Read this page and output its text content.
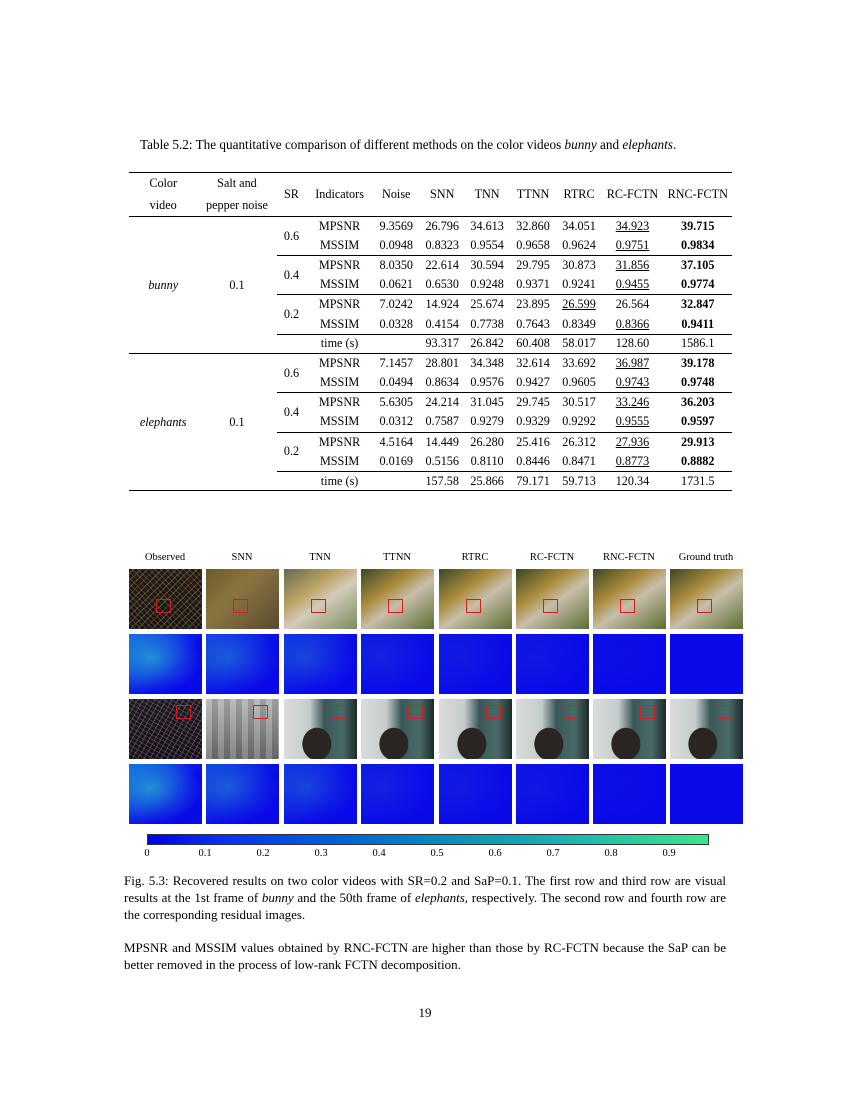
Table 5.2: The quantitative comparison of different methods on the color videos bunny and elephants.
Color	Salt and	SR	Indicators	Noise	SNN	TNN	TTNN	RTRC	RC-FCTN	RNC-FCTN
video	pepper noise									
bunny	0.1	0.6	MPSNR	9.3569	26.796	34.613	32.860	34.051	34.923	39.715
			MSSIM	0.0948	0.8323	0.9554	0.9658	0.9624	0.9751	0.9834
		0.4	MPSNR	8.0350	22.614	30.594	29.795	30.873	31.856	37.105
			MSSIM	0.0621	0.6530	0.9248	0.9371	0.9241	0.9455	0.9774
		0.2	MPSNR	7.0242	14.924	25.674	23.895	26.599	26.564	32.847
			MSSIM	0.0328	0.4154	0.7738	0.7643	0.8349	0.8366	0.9411
			time (s)		93.317	26.842	60.408	58.017	128.60	1586.1
elephants	0.1	0.6	MPSNR	7.1457	28.801	34.348	32.614	33.692	36.987	39.178
			MSSIM	0.0494	0.8634	0.9576	0.9427	0.9605	0.9743	0.9748
		0.4	MPSNR	5.6305	24.214	31.045	29.745	30.517	33.246	36.203
			MSSIM	0.0312	0.7587	0.9279	0.9329	0.9292	0.9555	0.9597
		0.2	MPSNR	4.5164	14.449	26.280	25.416	26.312	27.936	29.913
			MSSIM	0.0169	0.5156	0.8110	0.8446	0.8471	0.8773	0.8882
			time (s)		157.58	25.866	79.171	59.713	120.34	1731.5
Observed	SNN	TNN	TTNN	RTRC	RC-FCTN	RNC-FCTN	Ground truth
0	0.1	0.2	0.3	0.4	0.5	0.6	0.7	0.8	0.9
Fig. 5.3: Recovered results on two color videos with SR=0.2 and SaP=0.1. The first row and third row are visual results at the 1st frame of bunny and the 50th frame of elephants, respectively. The second row and fourth row are the corresponding residual images.
MPSNR and MSSIM values obtained by RNC-FCTN are higher than those by RC-FCTN because the SaP can be better removed in the process of low-rank FCTN decomposition.
19
